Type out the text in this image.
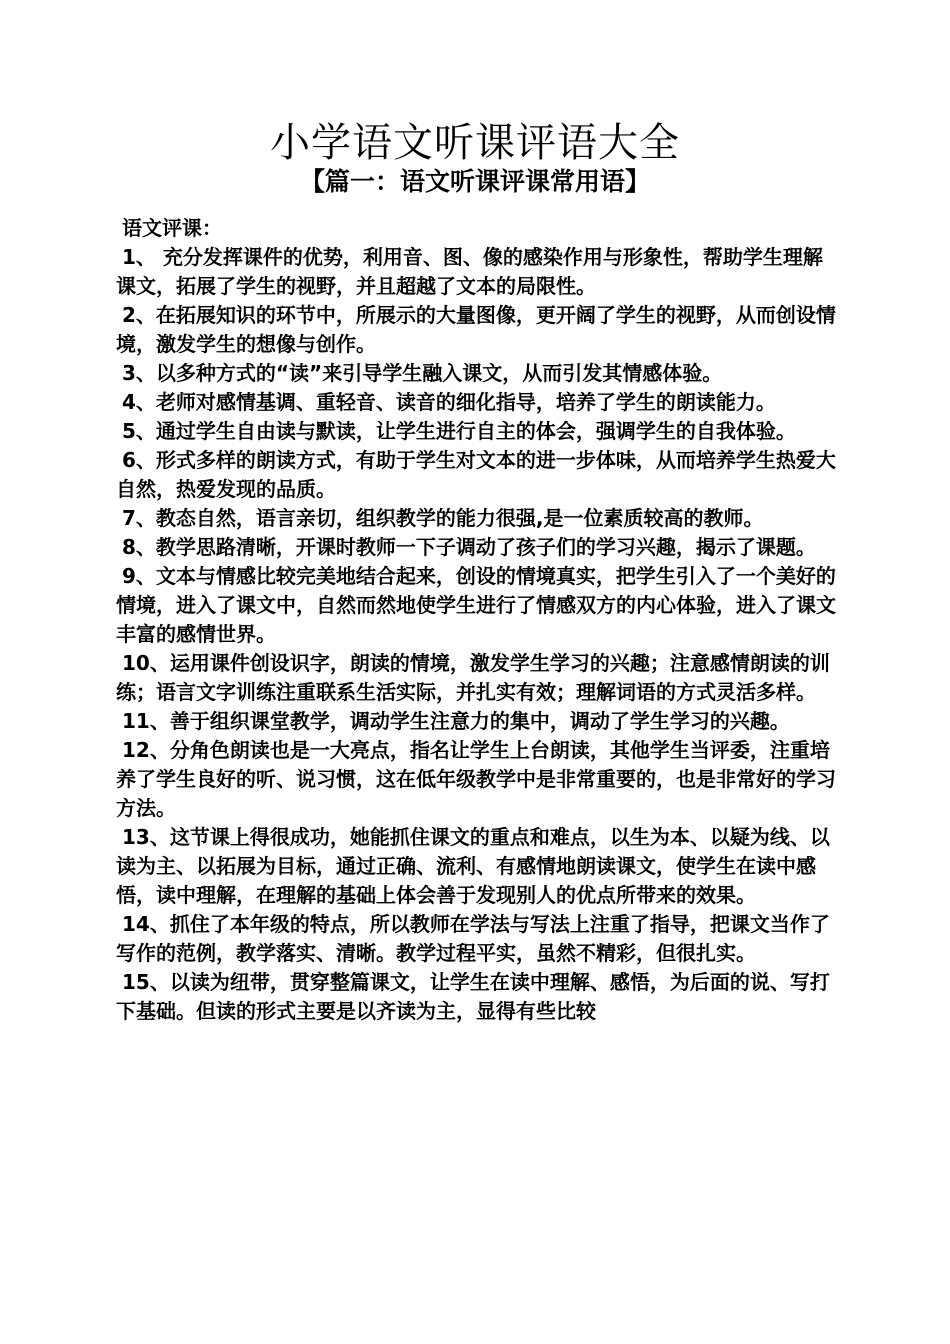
小学语文听课评语大全
【篇一：语文听课评课常用语】

语文评课：

1、 充分发挥课件的优势，利用音、图、像的感染作用与形象性，帮助学生理解课文，拓展了学生的视野，并且超越了文本的局限性。

2、在拓展知识的环节中，所展示的大量图像，更开阔了学生的视野，从而创设情境，激发学生的想像与创作。

3、以多种方式的“读”来引导学生融入课文，从而引发其情感体验。

4、老师对感情基调、重轻音、读音的细化指导，培养了学生的朗读能力。

5、通过学生自由读与默读，让学生进行自主的体会，强调学生的自我体验。

6、形式多样的朗读方式，有助于学生对文本的进一步体味，从而培养学生热爱大自然，热爱发现的品质。

7、教态自然，语言亲切，组织教学的能力很强,是一位素质较高的教师。

8、教学思路清晰，开课时教师一下子调动了孩子们的学习兴趣，揭示了课题。

9、文本与情感比较完美地结合起来，创设的情境真实，把学生引入了一个美好的情境，进入了课文中，自然而然地使学生进行了情感双方的内心体验，进入了课文丰富的感情世界。

10、运用课件创设识字，朗读的情境，激发学生学习的兴趣；注意感情朗读的训练；语言文字训练注重联系生活实际，并扎实有效；理解词语的方式灵活多样。

11、善于组织课堂教学，调动学生注意力的集中，调动了学生学习的兴趣。

12、分角色朗读也是一大亮点，指名让学生上台朗读，其他学生当评委，注重培养了学生良好的听、说习惯，这在低年级教学中是非常重要的，也是非常好的学习方法。

13、这节课上得很成功，她能抓住课文的重点和难点，以生为本、以疑为线、以读为主、以拓展为目标，通过正确、流利、有感情地朗读课文，使学生在读中感悟，读中理解，在理解的基础上体会善于发现别人的优点所带来的效果。

14、抓住了本年级的特点，所以教师在学法与写法上注重了指导，把课文当作了写作的范例，教学落实、清晰。教学过程平实，虽然不精彩，但很扎实。

15、以读为纽带，贯穿整篇课文，让学生在读中理解、感悟，为后面的说、写打下基础。但读的形式主要是以齐读为主，显得有些比较
